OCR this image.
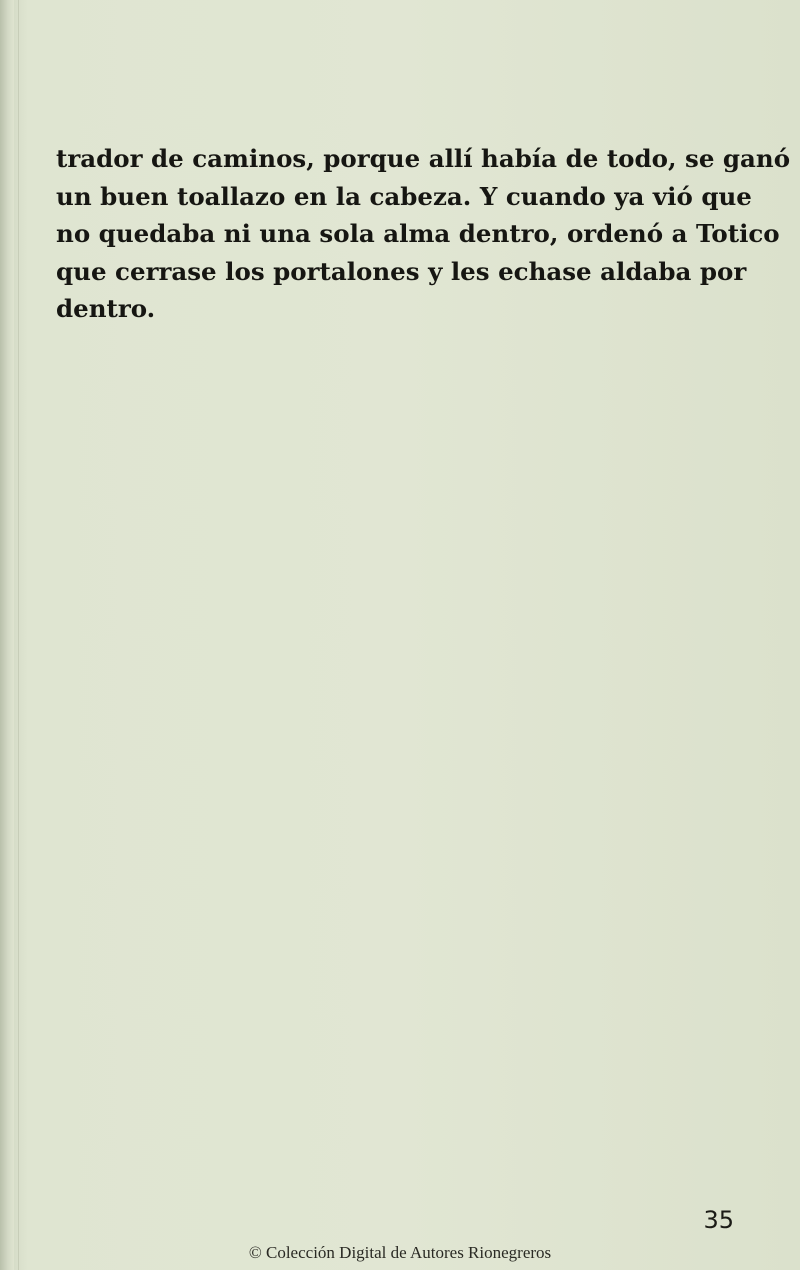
trador de caminos, porque allí había de todo, se ganó
un buen toallazo en la cabeza. Y cuando ya vió que
no quedaba ni una sola alma dentro, ordenó a Totico
que cerrase los portalones y les echase aldaba por
dentro.

35

© Colección Digital de Autores Rionegreros
